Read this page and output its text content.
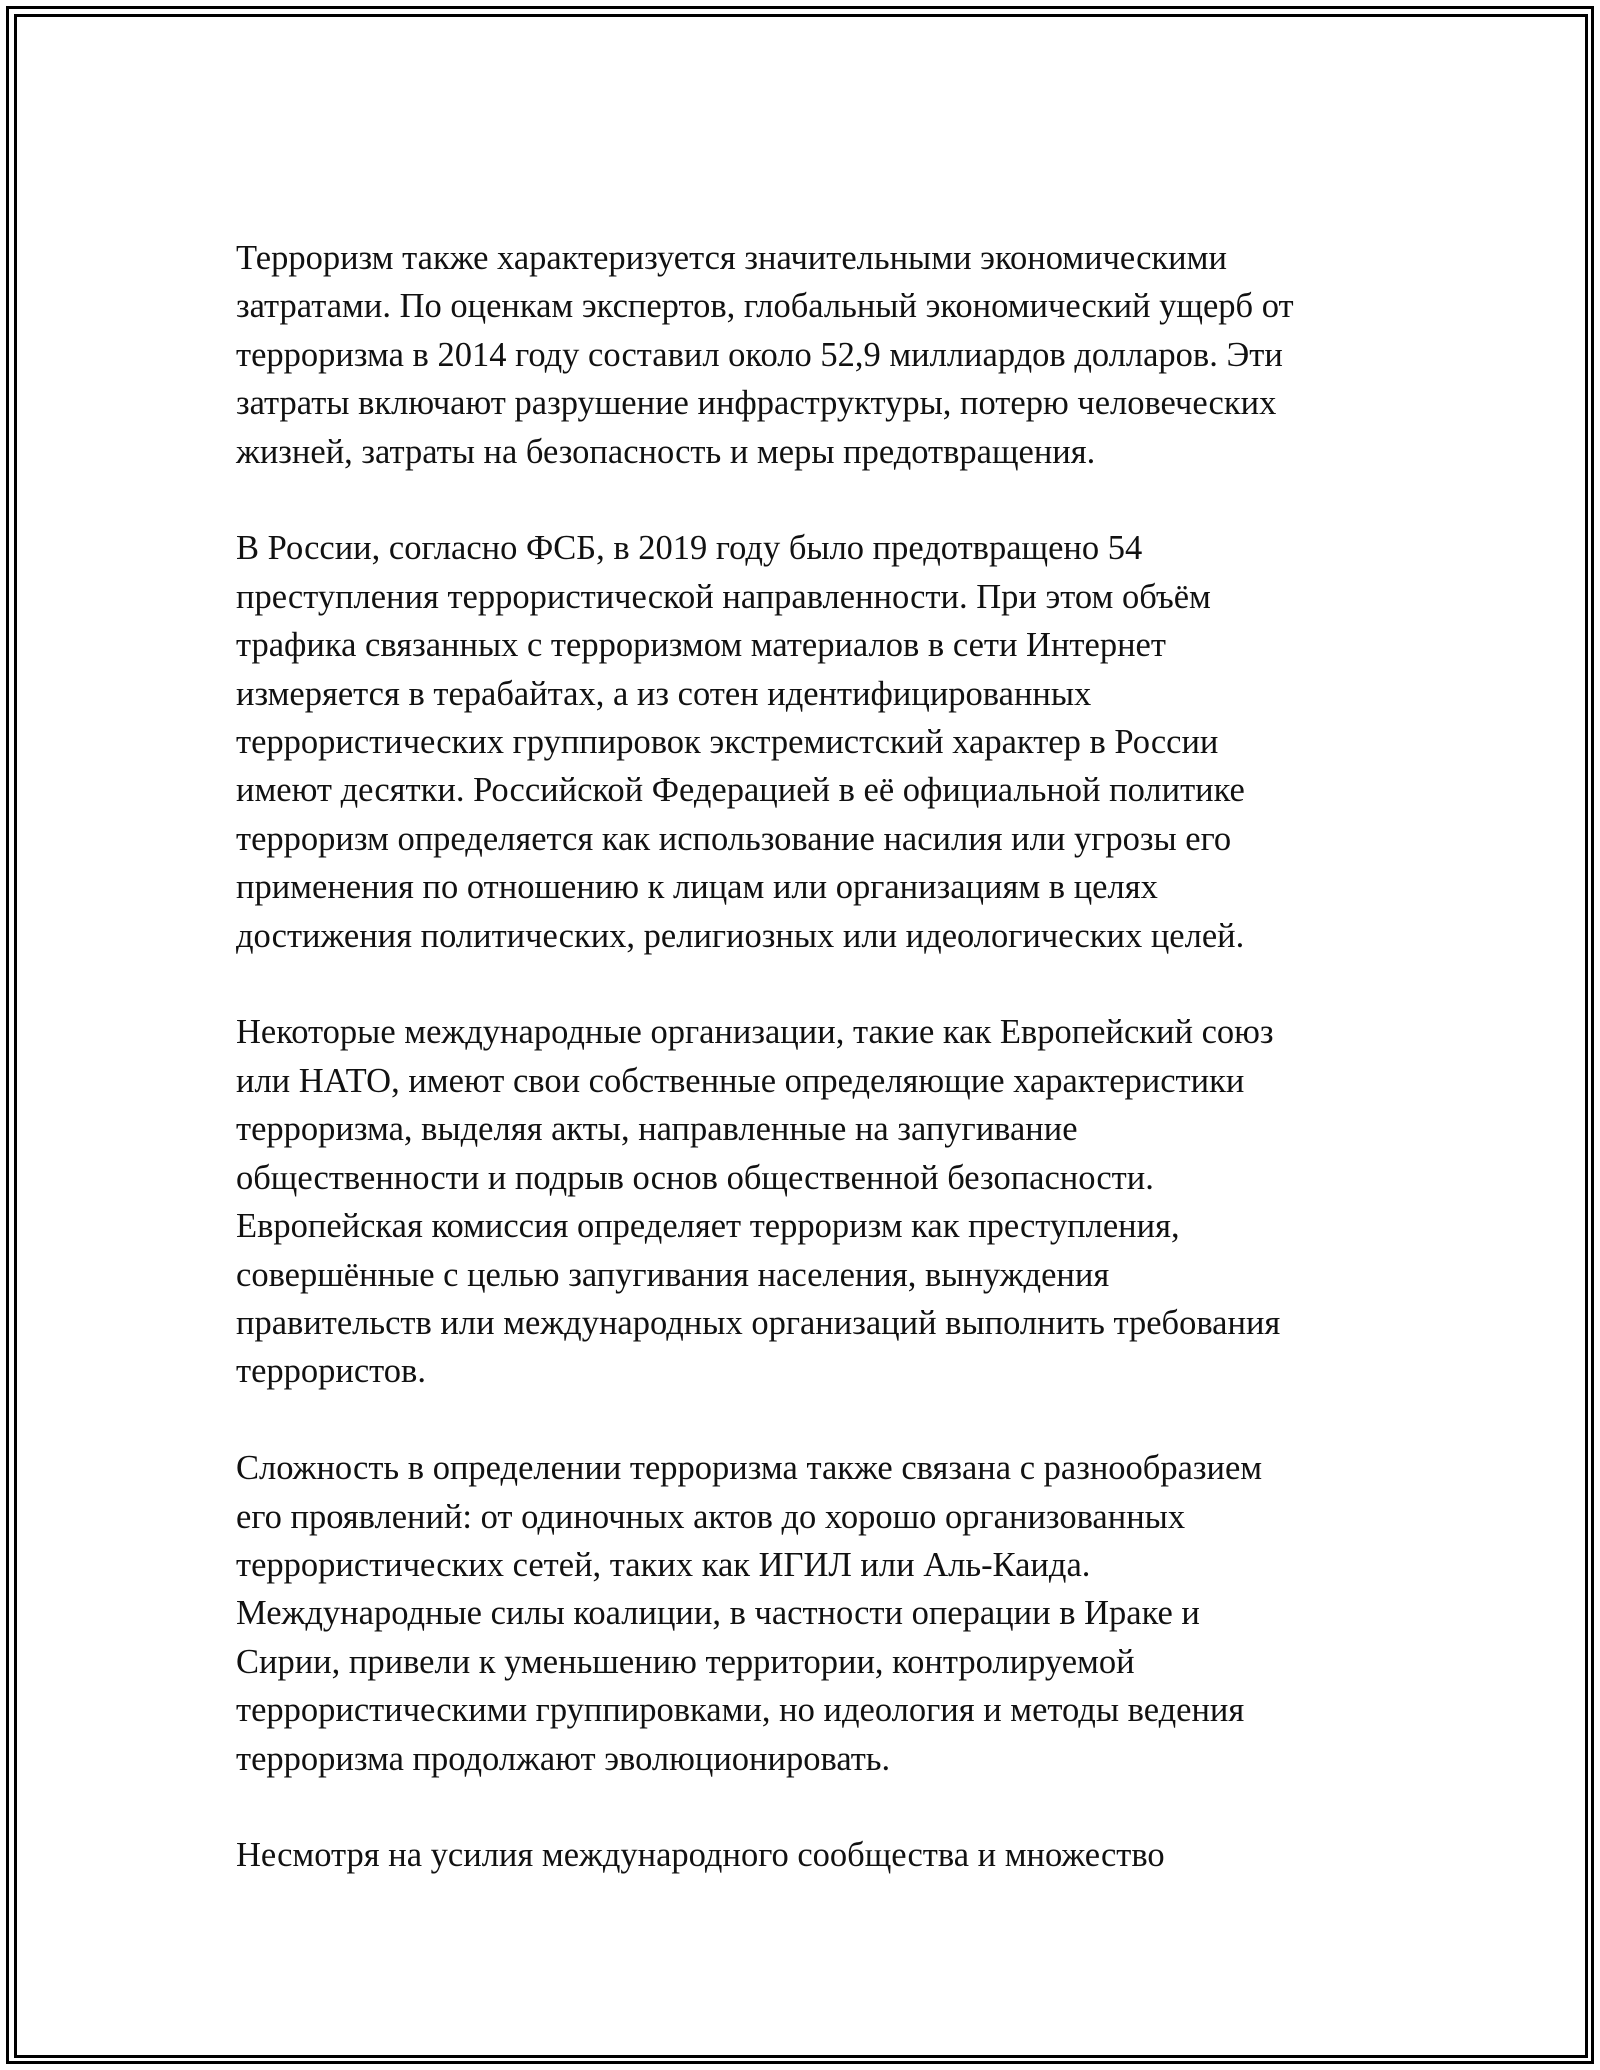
Терроризм также характеризуется значительными экономическими
затратами. По оценкам экспертов, глобальный экономический ущерб от
терроризма в 2014 году составил около 52,9 миллиардов долларов. Эти
затраты включают разрушение инфраструктуры, потерю человеческих
жизней, затраты на безопасность и меры предотвращения.

В России, согласно ФСБ, в 2019 году было предотвращено 54
преступления террористической направленности. При этом объём
трафика связанных с терроризмом материалов в сети Интернет
измеряется в терабайтах, а из сотен идентифицированных
террористических группировок экстремистский характер в России
имеют десятки. Российской Федерацией в её официальной политике
терроризм определяется как использование насилия или угрозы его
применения по отношению к лицам или организациям в целях
достижения политических, религиозных или идеологических целей.

Некоторые международные организации, такие как Европейский союз
или НАТО, имеют свои собственные определяющие характеристики
терроризма, выделяя акты, направленные на запугивание
общественности и подрыв основ общественной безопасности.
Европейская комиссия определяет терроризм как преступления,
совершённые с целью запугивания населения, вынуждения
правительств или международных организаций выполнить требования
террористов.

Сложность в определении терроризма также связана с разнообразием
его проявлений: от одиночных актов до хорошо организованных
террористических сетей, таких как ИГИЛ или Аль-Каида.
Международные силы коалиции, в частности операции в Ираке и
Сирии, привели к уменьшению территории, контролируемой
террористическими группировками, но идеология и методы ведения
терроризма продолжают эволюционировать.

Несмотря на усилия международного сообщества и множество
